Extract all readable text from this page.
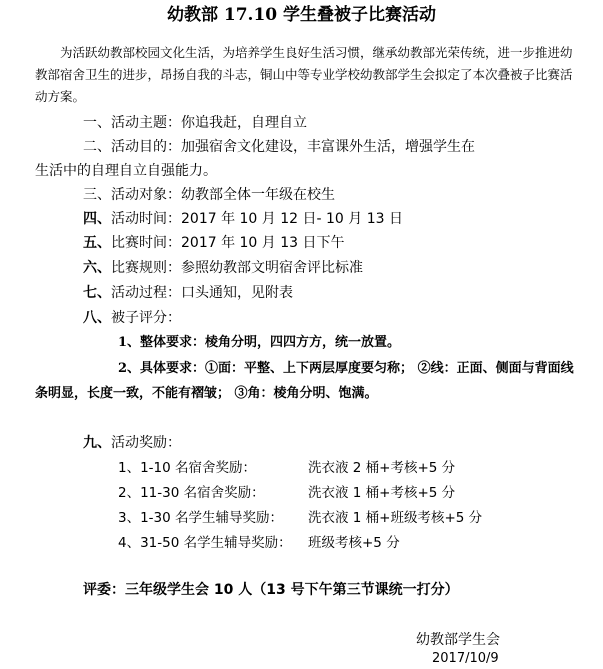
幼教部 17.10 学生叠被子比赛活动

为活跃幼教部校园文化生活，为培养学生良好生活习惯，继承幼教部光荣传统，进一步推进幼教部宿舍卫生的进步，昂扬自我的斗志，铜山中等专业学校幼教部学生会拟定了本次叠被子比赛活动方案。

一、活动主题：你追我赶，自理自立
二、活动目的：加强宿舍文化建设，丰富课外生活，增强学生在
生活中的自理自立自强能力。
三、活动对象：幼教部全体一年级在校生
四、活动时间：2017 年 10 月 12 日- 10 月 13 日
五、比赛时间：2017 年 10 月 13 日下午
六、比赛规则：参照幼教部文明宿舍评比标准
七、活动过程：口头通知，见附表
八、被子评分：
1、整体要求：棱角分明，四四方方，统一放置。
2、具体要求：①面：平整、上下两层厚度要匀称； ②线：正面、侧面与背面线条明显，长度一致，不能有褶皱； ③角：棱角分明、饱满。
九、活动奖励：
1、1-10 名宿舍奖励：	洗衣液 2 桶+考核+5 分
2、11-30 名宿舍奖励：	洗衣液 1 桶+考核+5 分
3、1-30 名学生辅导奖励： 洗衣液 1 桶+班级考核+5 分
4、31-50 名学生辅导奖励： 班级考核+5 分
评委：三年级学生会 10 人（13 号下午第三节课统一打分）
幼教部学生会
2017/10/9
